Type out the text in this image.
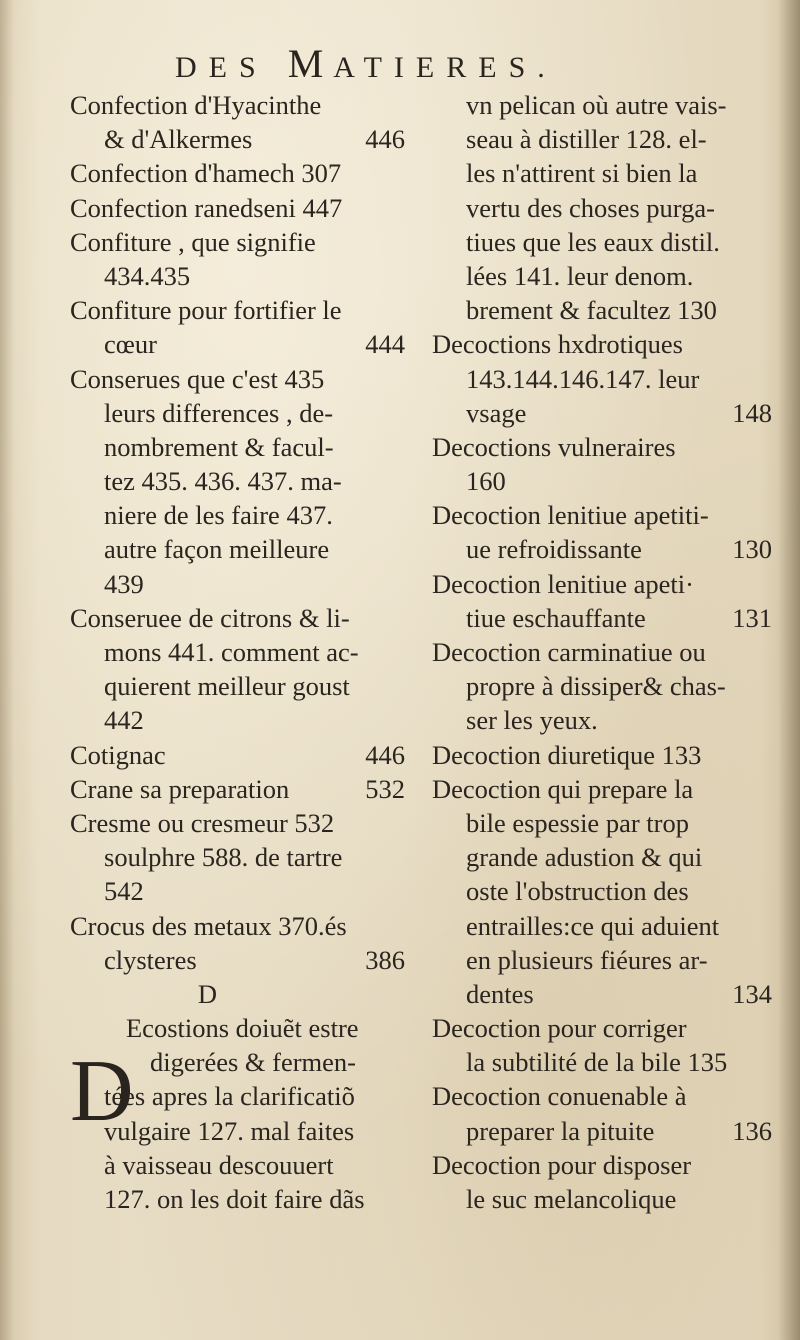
DES MATIERES.
Confection d'Hyacinthe
& d'Alkermes	446
Confection d'hamech 307
Confection ranedseni 447
Confiture , que signifie
434.435
Confiture pour fortifier le
cœur	444
Conserues que c'est 435
leurs differences , de-
nombrement & facul-
tez 435. 436. 437. ma-
niere de les faire 437.
autre façon meilleure
439
Conseruee de citrons & li-
mons 441. comment ac-
quierent meilleur goust
442
Cotignac	446
Crane sa preparation	532
Cresme ou cresmeur 532
soulphre 588. de tartre
542
Crocus des metaux 370.és
clysteres	386
D
Ecostions doiuẽt estre
digerées & fermen-
tées apres la clarificatiõ
vulgaire 127. mal faites
à vaisseau descouuert
127. on les doit faire dãs
vn pelican où autre vais-
seau à distiller 128. el-
les n'attirent si bien la
vertu des choses purga-
tiues que les eaux distil.
lées 141. leur denom.
brement & facultez 130
Decoctions hxdrotiques
143.144.146.147. leur
vsage	148
Decoctions vulneraires
160
Decoction lenitiue apetiti-
ue refroidissante	130
Decoction lenitiue apeti·
tiue eschauffante	131
Decoction carminatiue ou
propre à dissiper& chas-
ser les yeux.
Decoction diuretique 133
Decoction qui prepare la
bile espessie par trop
grande adustion & qui
oste l'obstruction des
entrailles:ce qui aduient
en plusieurs fiéures ar-
dentes	134
Decoction pour corriger
la subtilité de la bile 135
Decoction conuenable à
preparer la pituite	136
Decoction pour disposer
le suc melancolique
D
